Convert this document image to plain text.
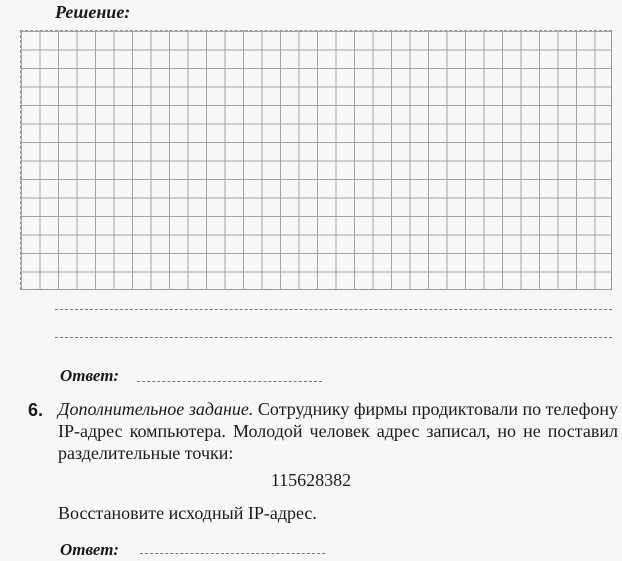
Решение:
Ответ:
6. Дополнительное задание. Сотруднику фирмы продиктовали по телефону IP-адрес компьютера. Молодой человек адрес записал, но не поставил разделительные точки:
115628382
Восстановите исходный IP-адрес.
Ответ:
